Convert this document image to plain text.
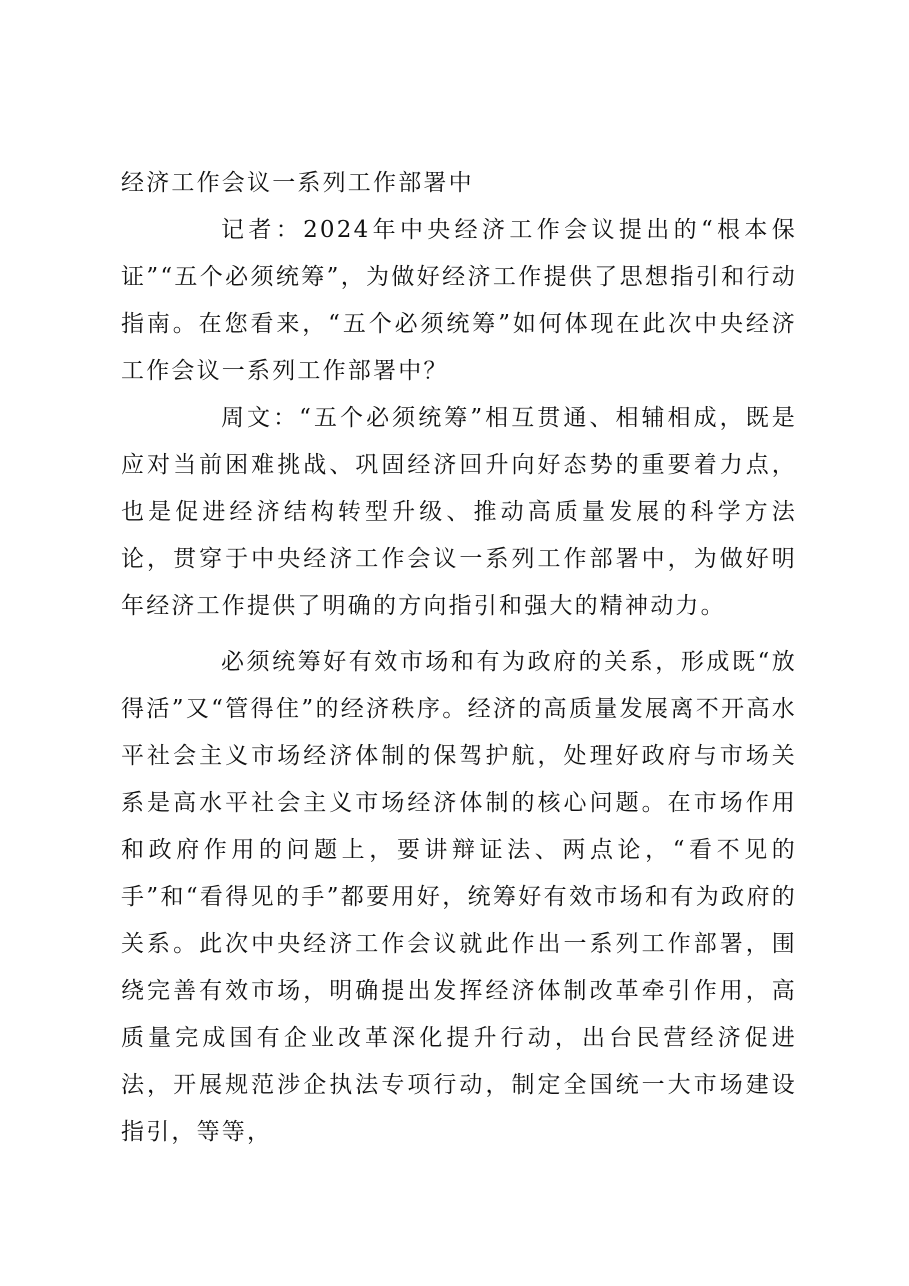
经济工作会议一系列工作部署中

记者：2024年中央经济工作会议提出的“根本保证”“五个必须统筹”，为做好经济工作提供了思想指引和行动指南。在您看来，“五个必须统筹”如何体现在此次中央经济工作会议一系列工作部署中？

周文：“五个必须统筹”相互贯通、相辅相成，既是应对当前困难挑战、巩固经济回升向好态势的重要着力点，也是促进经济结构转型升级、推动高质量发展的科学方法论，贯穿于中央经济工作会议一系列工作部署中，为做好明年经济工作提供了明确的方向指引和强大的精神动力。

必须统筹好有效市场和有为政府的关系，形成既“放得活”又“管得住”的经济秩序。经济的高质量发展离不开高水平社会主义市场经济体制的保驾护航，处理好政府与市场关系是高水平社会主义市场经济体制的核心问题。在市场作用和政府作用的问题上，要讲辩证法、两点论，“看不见的手”和“看得见的手”都要用好，统筹好有效市场和有为政府的关系。此次中央经济工作会议就此作出一系列工作部署，围绕完善有效市场，明确提出发挥经济体制改革牵引作用，高质量完成国有企业改革深化提升行动，出台民营经济促进法，开展规范涉企执法专项行动，制定全国统一大市场建设指引，等等，
